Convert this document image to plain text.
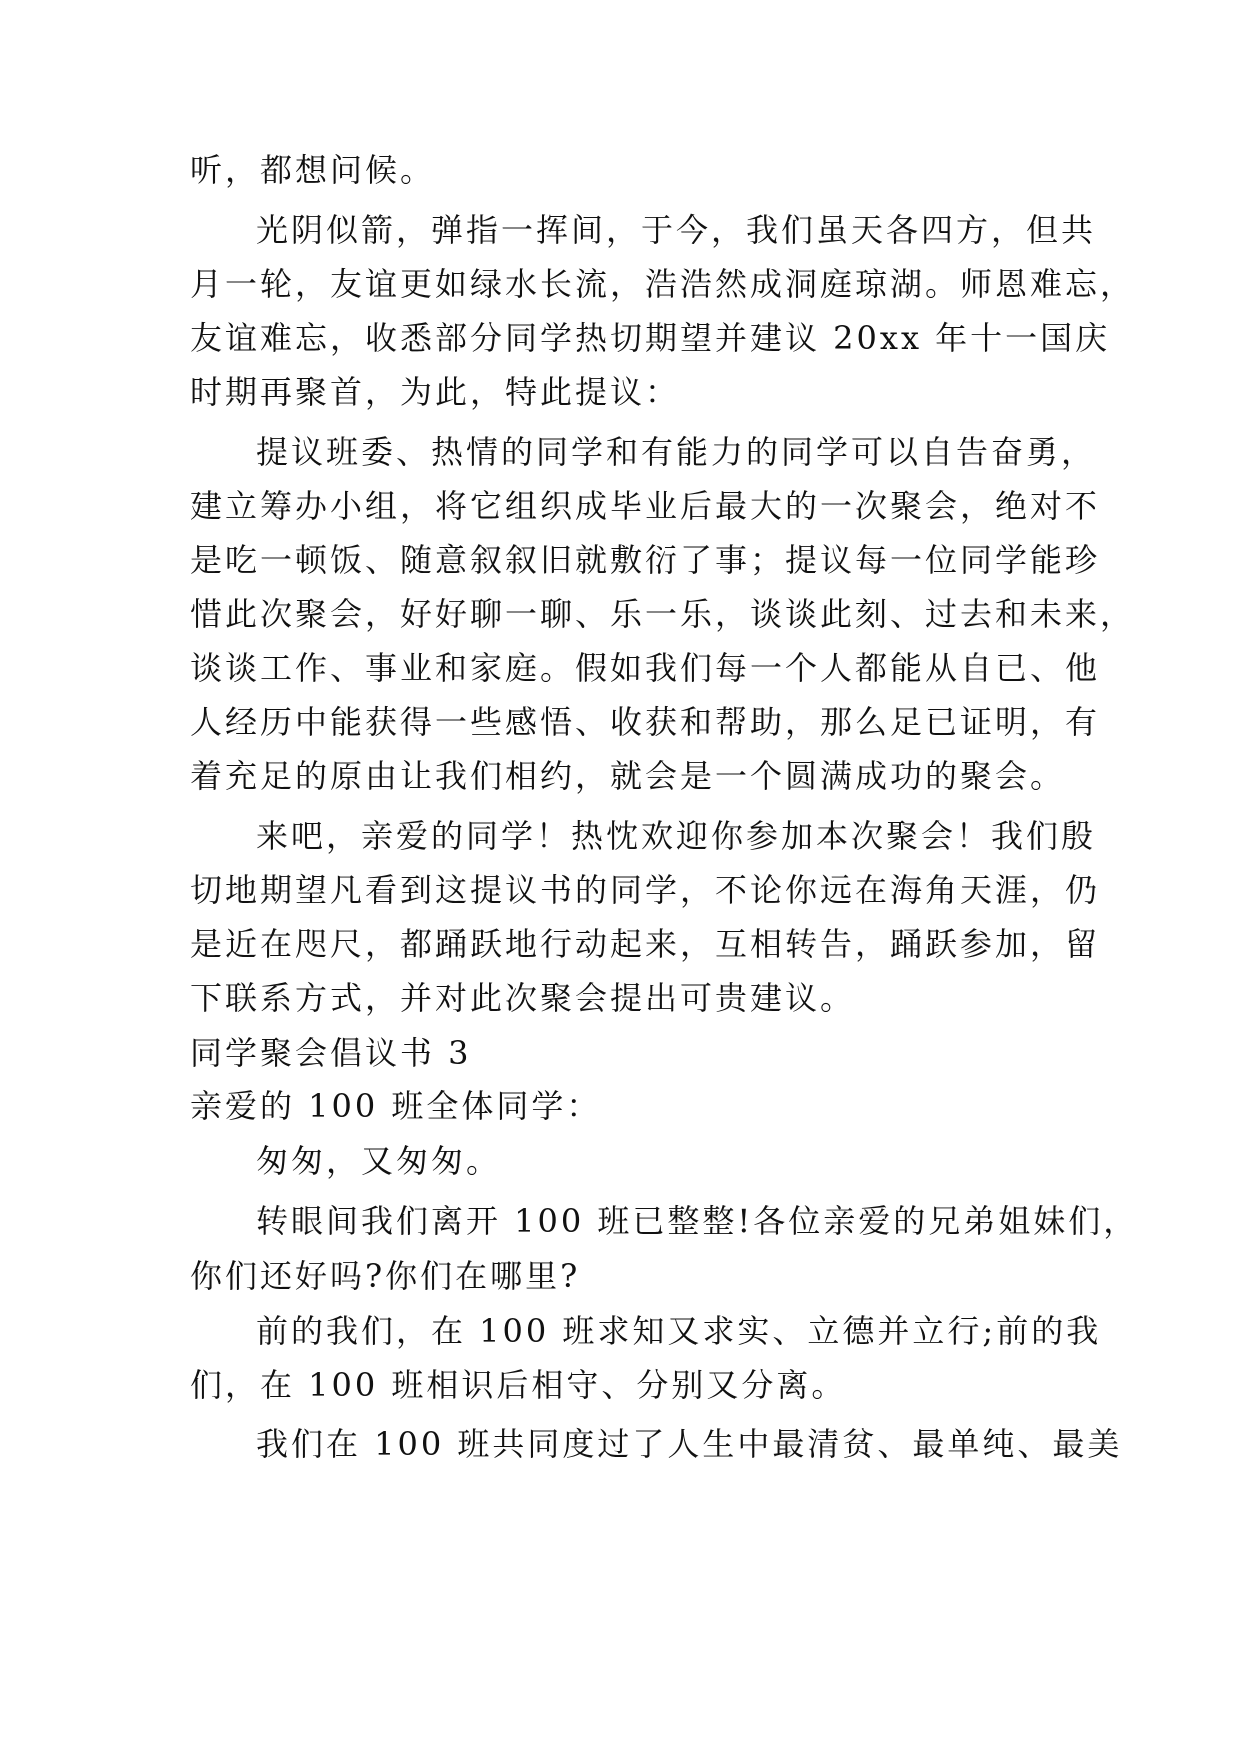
听，都想问候。
光阴似箭，弹指一挥间，于今，我们虽天各四方，但共
月一轮，友谊更如绿水长流，浩浩然成洞庭琼湖。师恩难忘，
友谊难忘，收悉部分同学热切期望并建议 20xx 年十一国庆
时期再聚首，为此，特此提议：
提议班委、热情的同学和有能力的同学可以自告奋勇，
建立筹办小组，将它组织成毕业后最大的一次聚会，绝对不
是吃一顿饭、随意叙叙旧就敷衍了事；提议每一位同学能珍
惜此次聚会，好好聊一聊、乐一乐，谈谈此刻、过去和未来，
谈谈工作、事业和家庭。假如我们每一个人都能从自已、他
人经历中能获得一些感悟、收获和帮助，那么足已证明，有
着充足的原由让我们相约，就会是一个圆满成功的聚会。
来吧，亲爱的同学！热忱欢迎你参加本次聚会！我们殷
切地期望凡看到这提议书的同学，不论你远在海角天涯，仍
是近在咫尺，都踊跃地行动起来，互相转告，踊跃参加，留
下联系方式，并对此次聚会提出可贵建议。
同学聚会倡议书 3
亲爱的 100 班全体同学：
匆匆，又匆匆。
转眼间我们离开 100 班已整整!各位亲爱的兄弟姐妹们，
你们还好吗?你们在哪里?
前的我们，在 100 班求知又求实、立德并立行;前的我
们，在 100 班相识后相守、分别又分离。
我们在 100 班共同度过了人生中最清贫、最单纯、最美
